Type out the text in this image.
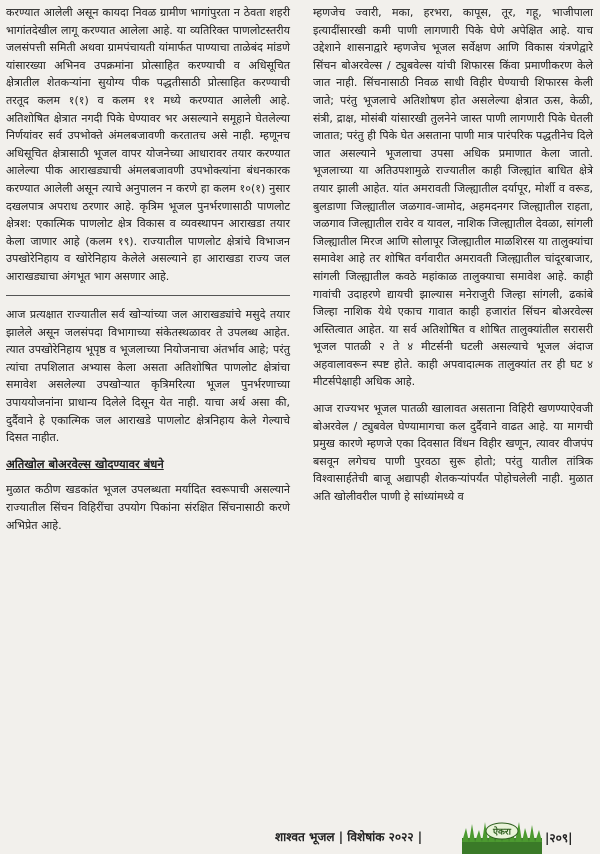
करण्यात आलेली असून कायदा निवळ ग्रामीण भागांपुरता न ठेवता शहरी भागांतदेखील लागू करण्यात आलेला आहे. या व्यतिरिक्त पाणलोटस्तरीय जलसंपत्ती समिती अथवा ग्रामपंचायती यांमार्फत पाण्याचा ताळेबंद मांडणे यांसारख्या अभिनव उपक्रमांना प्रोत्साहित करण्याची व अधिसूचित क्षेत्रातील शेतकऱ्यांना सुयोग्य पीक पद्धतीसाठी प्रोत्साहित करण्याची तरतूद कलम १(१) व कलम ११ मध्ये करण्यात आलेली आहे. अतिशोषित क्षेत्रात नगदी पिके घेण्यावर भर असल्याने समूहाने घेतलेल्या निर्णयांवर सर्व उपभोक्ते अंमलबजावणी करतातच असे नाही. म्हणूनच अधिसूचित क्षेत्रासाठी भूजल वापर योजनेच्या आधारावर तयार करण्यात आलेल्या पीक आराखड्याची अंमलबजावणी उपभोक्त्यांना बंधनकारक करण्यात आलेली असून त्याचे अनुपालन न करणे हा कलम १०(१) नुसार दखलपात्र अपराध ठरणार आहे. कृत्रिम भूजल पुनर्भरणासाठी पाणलोट क्षेत्रश: एकात्मिक पाणलोट क्षेत्र विकास व व्यवस्थापन आराखडा तयार केला जाणार आहे (कलम १९). राज्यातील पाणलोट क्षेत्रांचे विभाजन उपखोरेनिहाय व खोरेनिहाय केलेले असल्याने हा आराखडा राज्य जल आराखड्याचा अंगभूत भाग असणार आहे.

आज प्रत्यक्षात राज्यातील सर्व खोऱ्यांच्या जल आराखड्यांचे मसुदे तयार झालेले असून जलसंपदा विभागाच्या संकेतस्थळावर ते उपलब्ध आहेत. त्यात उपखोरेनिहाय भूपृष्ठ व भूजलाच्या नियोजनाचा अंतर्भाव आहे; परंतु त्यांचा तपशिलात अभ्यास केला असता अतिशोषित पाणलोट क्षेत्रांचा समावेश असलेल्या उपखोऱ्यात कृत्रिमरित्या भूजल पुनर्भरणाच्या उपाययोजनांना प्राधान्य दिलेले दिसून येत नाही. याचा अर्थ असा की, दुर्दैवाने हे एकात्मिक जल आराखडे पाणलोट क्षेत्रनिहाय केले गेल्याचे दिसत नाहीत.

अतिखोल बोअरवेल्स खोदण्यावर बंधने

मुळात कठीण खडकांत भूजल उपलब्धता मर्यादित स्वरूपाची असल्याने राज्यातील सिंचन विहिरींचा उपयोग पिकांना संरक्षित सिंचनासाठी करणे अभिप्रेत आहे.

म्हणजेच ज्वारी, मका, हरभरा, कापूस, तूर, गहू, भाजीपाला इत्यादींसारखी कमी पाणी लागणारी पिके घेणे अपेक्षित आहे. याच उद्देशाने शासनाद्वारे म्हणजेच भूजल सर्वेक्षण आणि विकास यंत्रणेद्वारे सिंचन बोअरवेल्स / ट्युबवेल्स यांची शिफारस किंवा प्रमाणीकरण केले जात नाही. सिंचनासाठी निवळ साधी विहीर घेण्याची शिफारस केली जाते; परंतु भूजलाचे अतिशोषण होत असलेल्या क्षेत्रात ऊस, केळी, संत्री, द्राक्ष, मोसंबी यांसारखी तुलनेने जास्त पाणी लागणारी पिके घेतली जातात; परंतु ही पिके घेत असताना पाणी मात्र पारंपरिक पद्धतीनेच दिले जात असल्याने भूजलाचा उपसा अधिक प्रमाणात केला जातो. भूजलाच्या या अतिउपशामुळे राज्यातील काही जिल्ह्यांत बाधित क्षेत्रे तयार झाली आहेत. यांत अमरावती जिल्ह्यातील दर्यापूर, मोर्शी व वरूड, बुलडाणा जिल्ह्यातील जळगाव-जामोद, अहमदनगर जिल्ह्यातील राहता, जळगाव जिल्ह्यातील रावेर व यावल, नाशिक जिल्ह्यातील देवळा, सांगली जिल्ह्यातील मिरज आणि सोलापूर जिल्ह्यातील माळशिरस या तालुक्यांचा समावेश आहे तर शोषित वर्गवारीत अमरावती जिल्ह्यातील चांदूरबाजार, सांगली जिल्ह्यातील कवठे महांकाळ तालुक्याचा समावेश आहे. काही गावांची उदाहरणे द्यायची झाल्यास मनेराजुरी जिल्हा सांगली, ढकांबे जिल्हा नाशिक येथे एकाच गावात काही हजारांत सिंचन बोअरवेल्स अस्तित्वात आहेत. या सर्व अतिशोषित व शोषित तालुक्यांतील सरासरी भूजल पातळी २ ते ४ मीटर्सनी घटली असल्याचे भूजल अंदाज अहवालावरून स्पष्ट होते. काही अपवादात्मक तालुक्यांत तर ही घट ४ मीटर्सपेक्षाही अधिक आहे.

आज राज्यभर भूजल पातळी खालावत असताना विहिरी खणण्याऐवजी बोअरवेल / ट्युबवेल घेण्यामागचा कल दुर्दैवाने वाढत आहे. या मागची प्रमुख कारणे म्हणजे एका दिवसात विंधन विहीर खणून, त्यावर वीजपंप बसवून लगेचच पाणी पुरवठा सुरू होतो; परंतु यातील तांत्रिक विश्वासार्हतेची बाजू अद्यापही शेतकऱ्यांपर्यंत पोहोचलेली नाही. मुळात अति खोलीवरील पाणी हे सांध्यांमध्ये व

शाश्वत भूजल | विशेषांक २०२२ |	ऐकरा	|२०९|
